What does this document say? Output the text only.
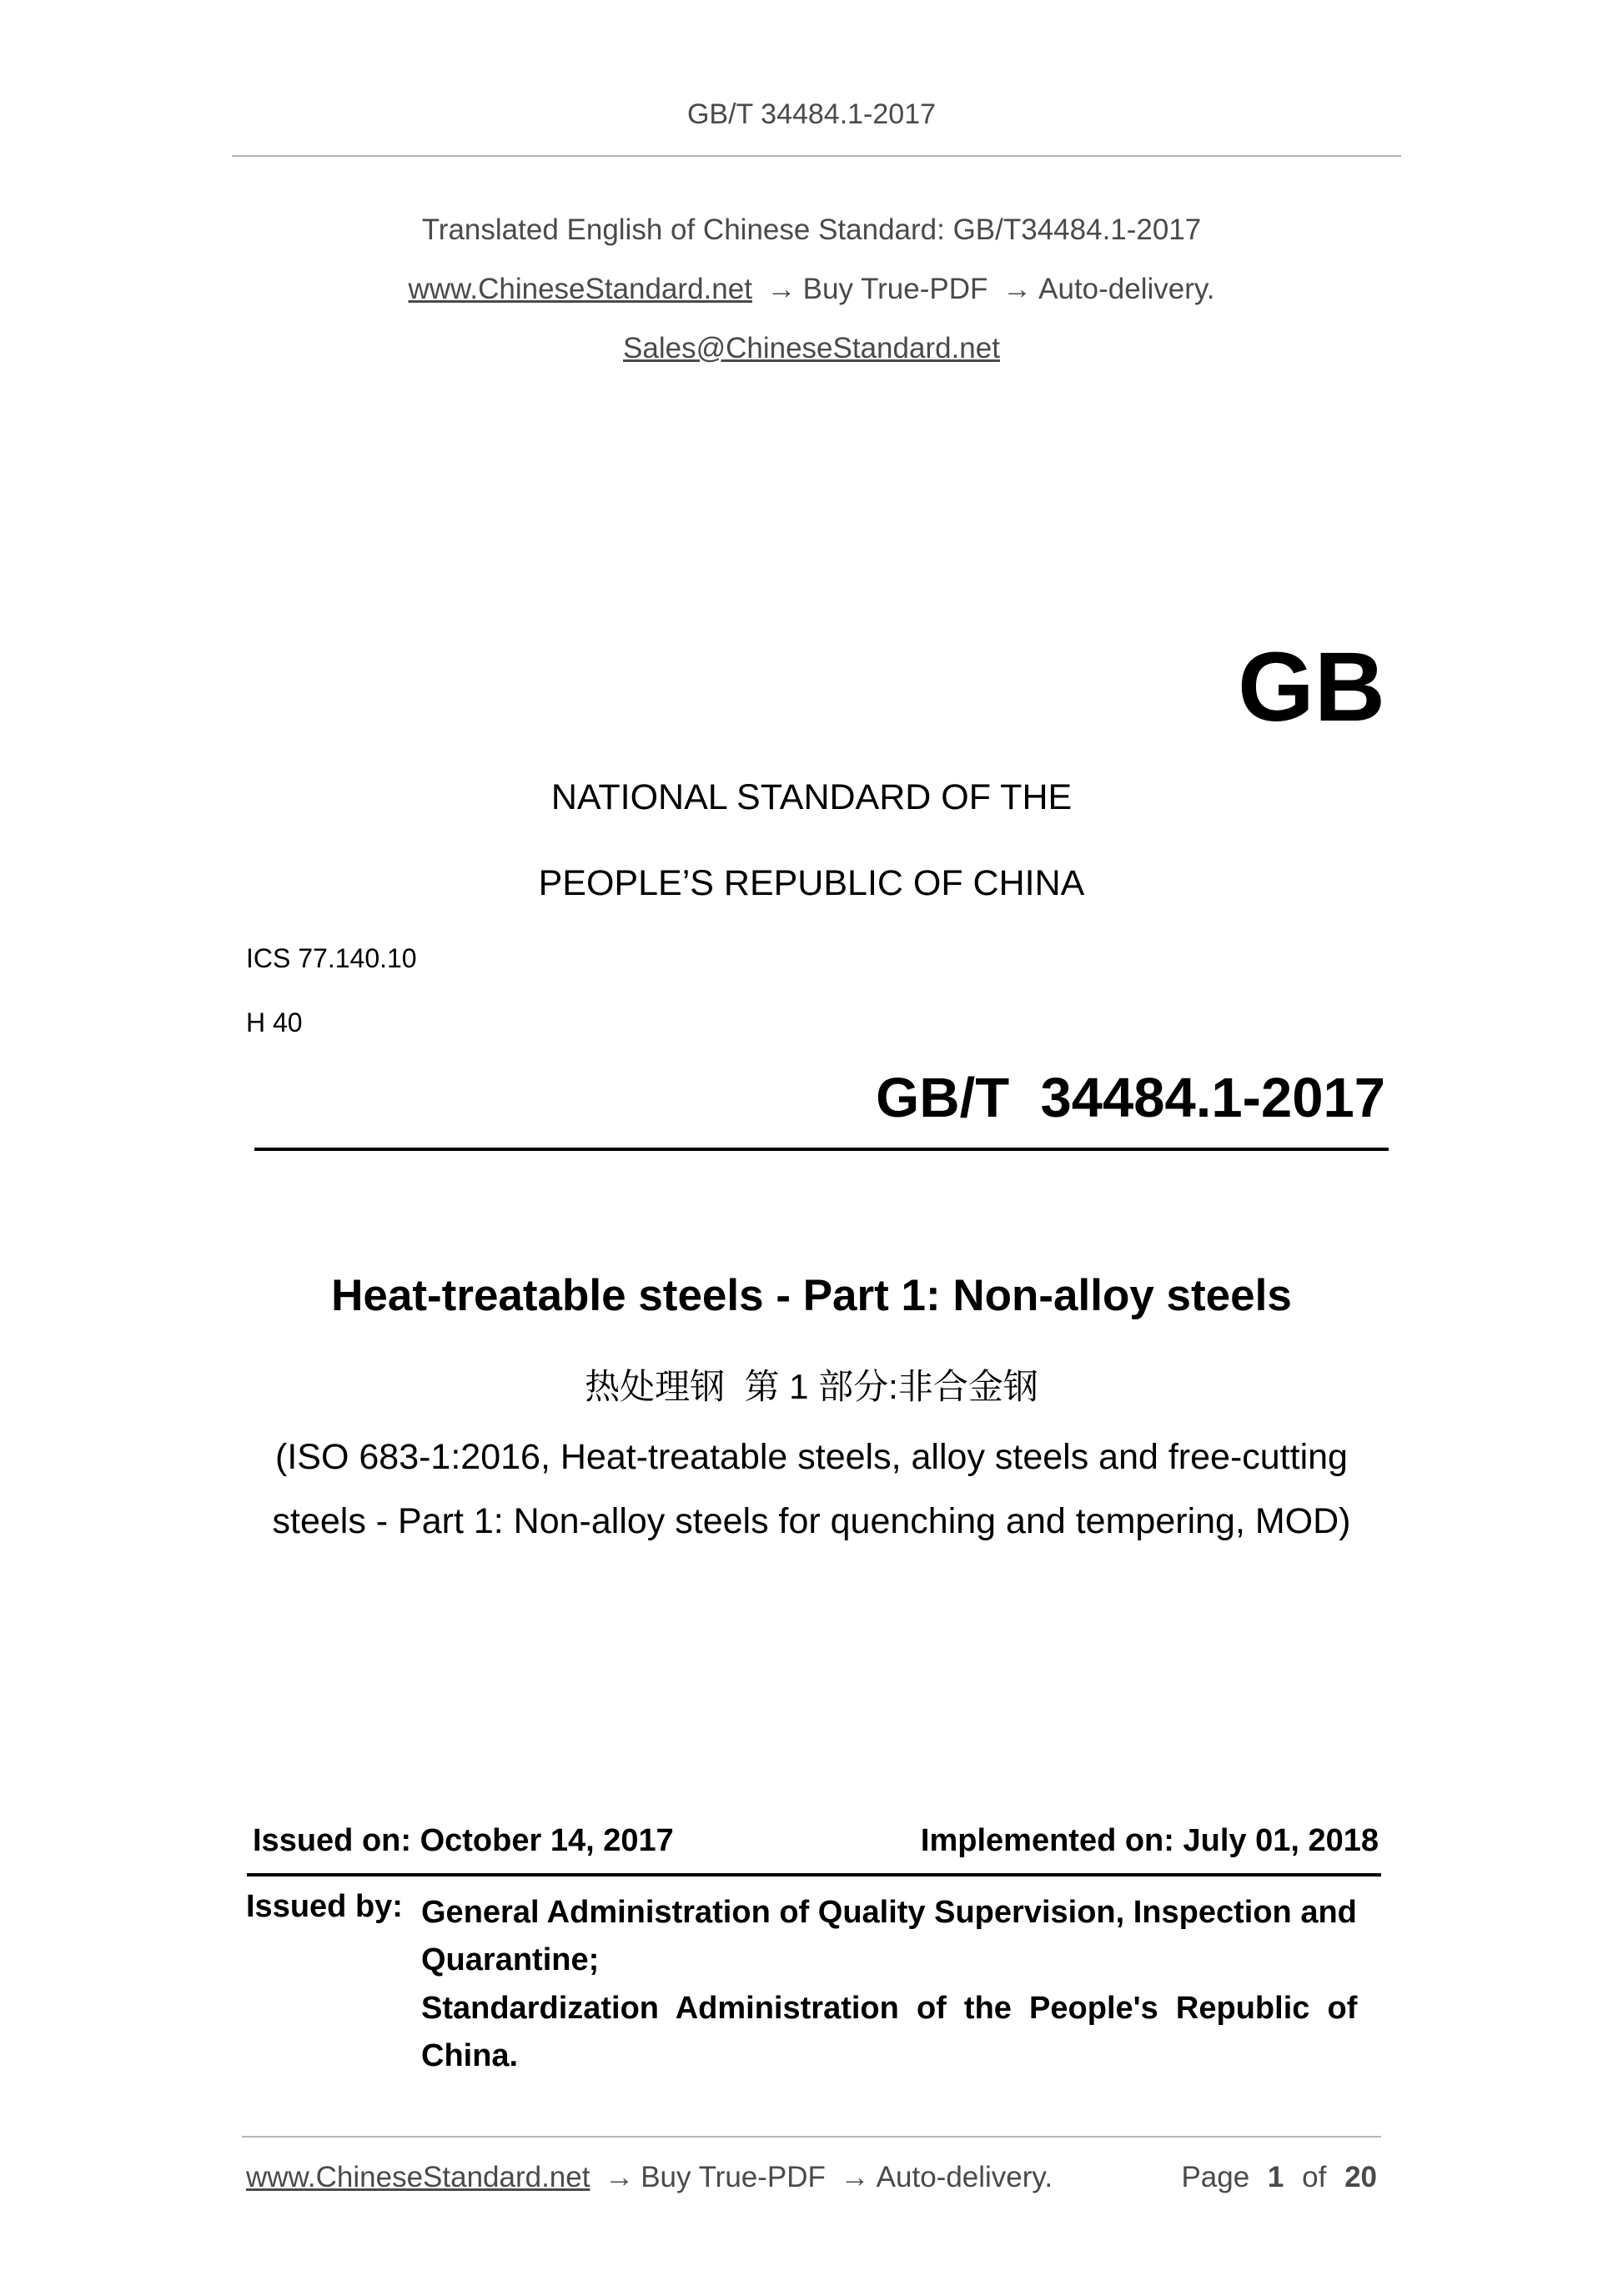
GB/T 34484.1-2017
Translated English of Chinese Standard: GB/T34484.1-2017
www.ChineseStandard.net → Buy True-PDF → Auto-delivery.
Sales@ChineseStandard.net
GB
NATIONAL STANDARD OF THE
PEOPLE’S REPUBLIC OF CHINA
ICS 77.140.10
H 40
GB/T  34484.1-2017
Heat-treatable steels - Part 1: Non-alloy steels
热处理钢  第 1 部分:非合金钢
(ISO 683-1:2016, Heat-treatable steels, alloy steels and free-cutting
steels - Part 1: Non-alloy steels for quenching and tempering, MOD)
Issued on: October 14, 2017	Implemented on: July 01, 2018
Issued by: General Administration of Quality Supervision, Inspection and
Quarantine;
Standardization  Administration  of  the  People's  Republic  of
China.
www.ChineseStandard.net → Buy True-PDF → Auto-delivery.	Page 1 of 20
